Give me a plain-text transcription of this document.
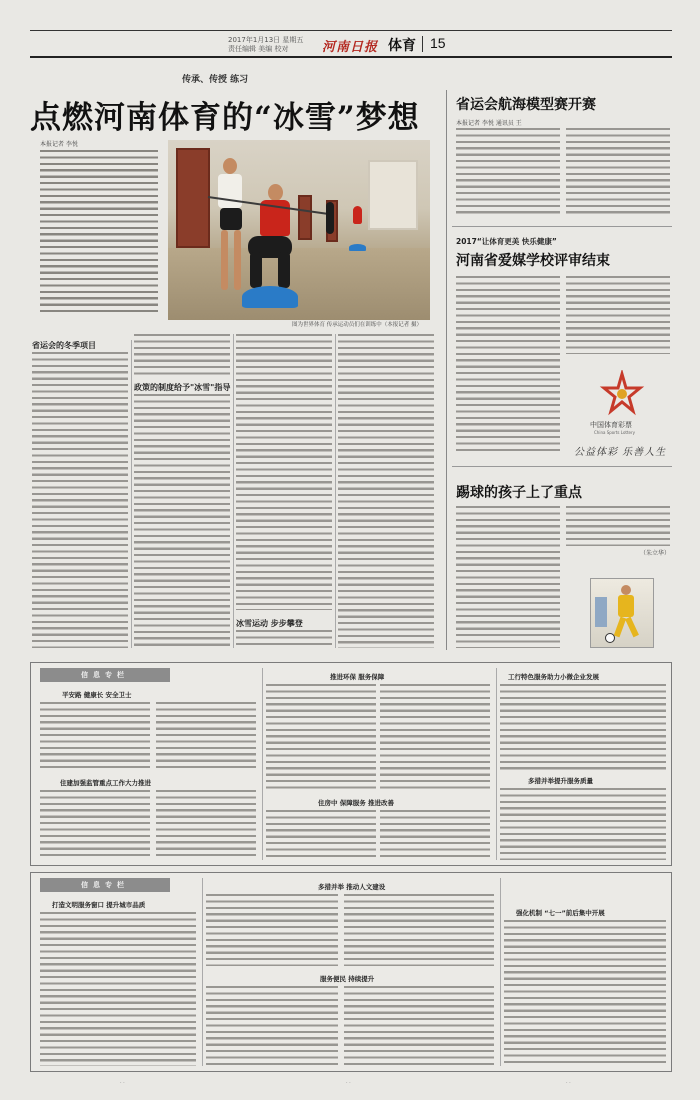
2017年1月13日 星期五
责任编辑 美编 校对	河南日报 体育 15
传承、传授 练习
点燃河南体育的“冰雪”梦想
本报记者 李悦
图为世界体育 传承运动员们在训练中（本报记者 摄）
省运会的冬季项目
政策的制度给予"冰雪"指导
冰雪运动 步步攀登
省运会航海模型赛开赛
本报记者 李悦 通讯员 王
2017“让体育更美 快乐健康”
河南省爱媒学校评审结束
中国体育彩票
China Sports Lottery
公益体彩 乐善人生
踢球的孩子上了重点
（朱立华）
信息专栏
平安路 健康长 安全卫士
住建加强监管重点工作大力推进
推进环保 服务保障
住房中 保障服务 推进改善
工行特色服务助力小微企业发展
多措并举提升服务质量
信息专栏
打造文明服务窗口 提升城市品质
多措并举 推动人文建设
服务便民 持续提升
强化机制 “七一”前后集中开展
· ·	· ·	· ·
